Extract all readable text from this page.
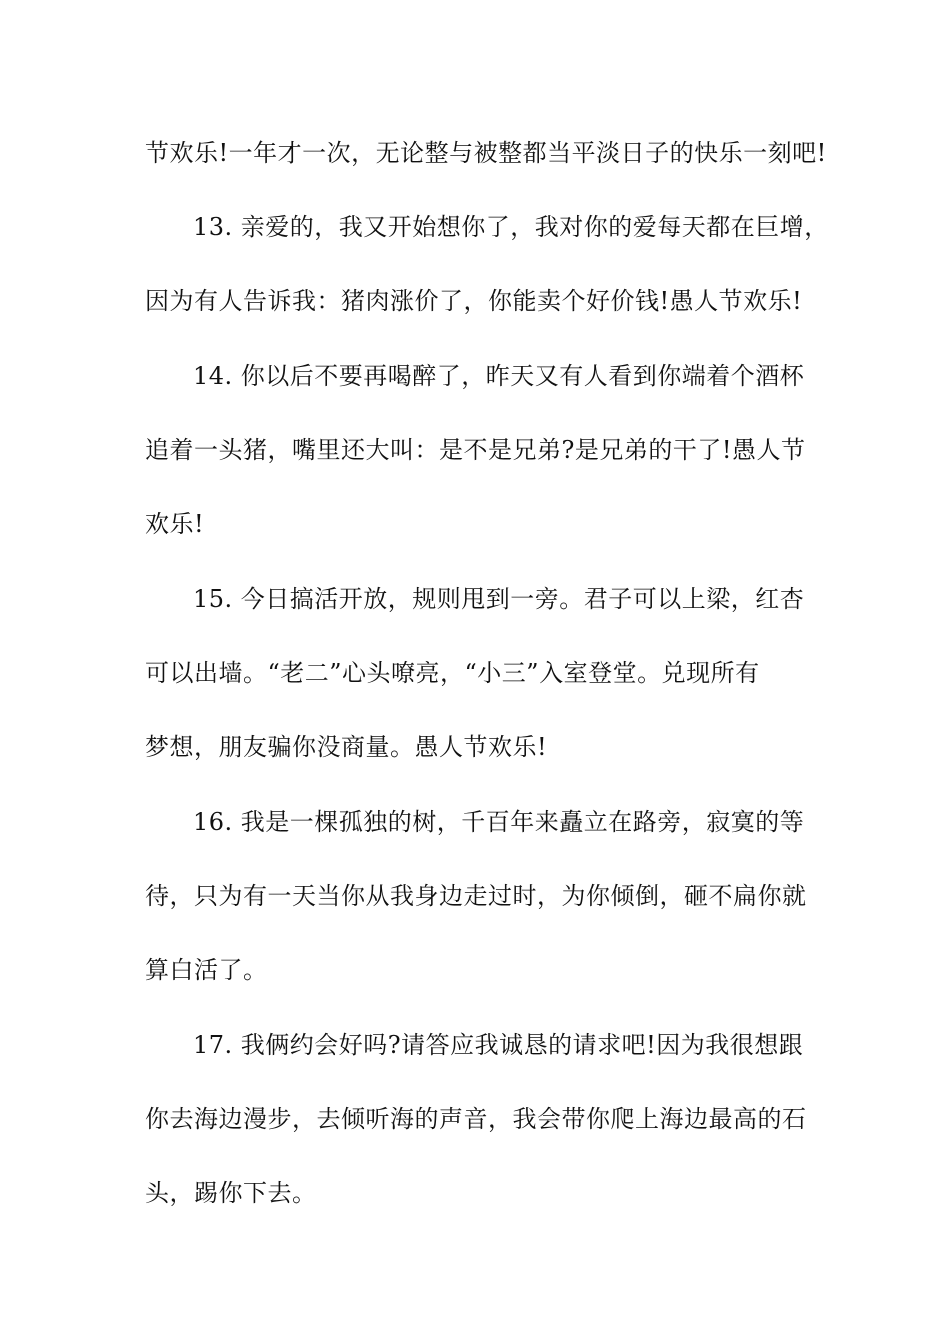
节欢乐!一年才一次，无论整与被整都当平淡日子的快乐一刻吧!
13. 亲爱的，我又开始想你了，我对你的爱每天都在巨增，
因为有人告诉我：猪肉涨价了，你能卖个好价钱!愚人节欢乐!
14. 你以后不要再喝醉了，昨天又有人看到你端着个酒杯
追着一头猪，嘴里还大叫：是不是兄弟?是兄弟的干了!愚人节
欢乐!
15. 今日搞活开放，规则甩到一旁。君子可以上梁，红杏
可以出墙。“老二”心头嘹亮，“小三”入室登堂。兑现所有
梦想，朋友骗你没商量。愚人节欢乐!
16. 我是一棵孤独的树，千百年来矗立在路旁，寂寞的等
待，只为有一天当你从我身边走过时，为你倾倒，砸不扁你就
算白活了。
17. 我俩约会好吗?请答应我诚恳的请求吧!因为我很想跟
你去海边漫步，去倾听海的声音，我会带你爬上海边最高的石
头，踢你下去。
